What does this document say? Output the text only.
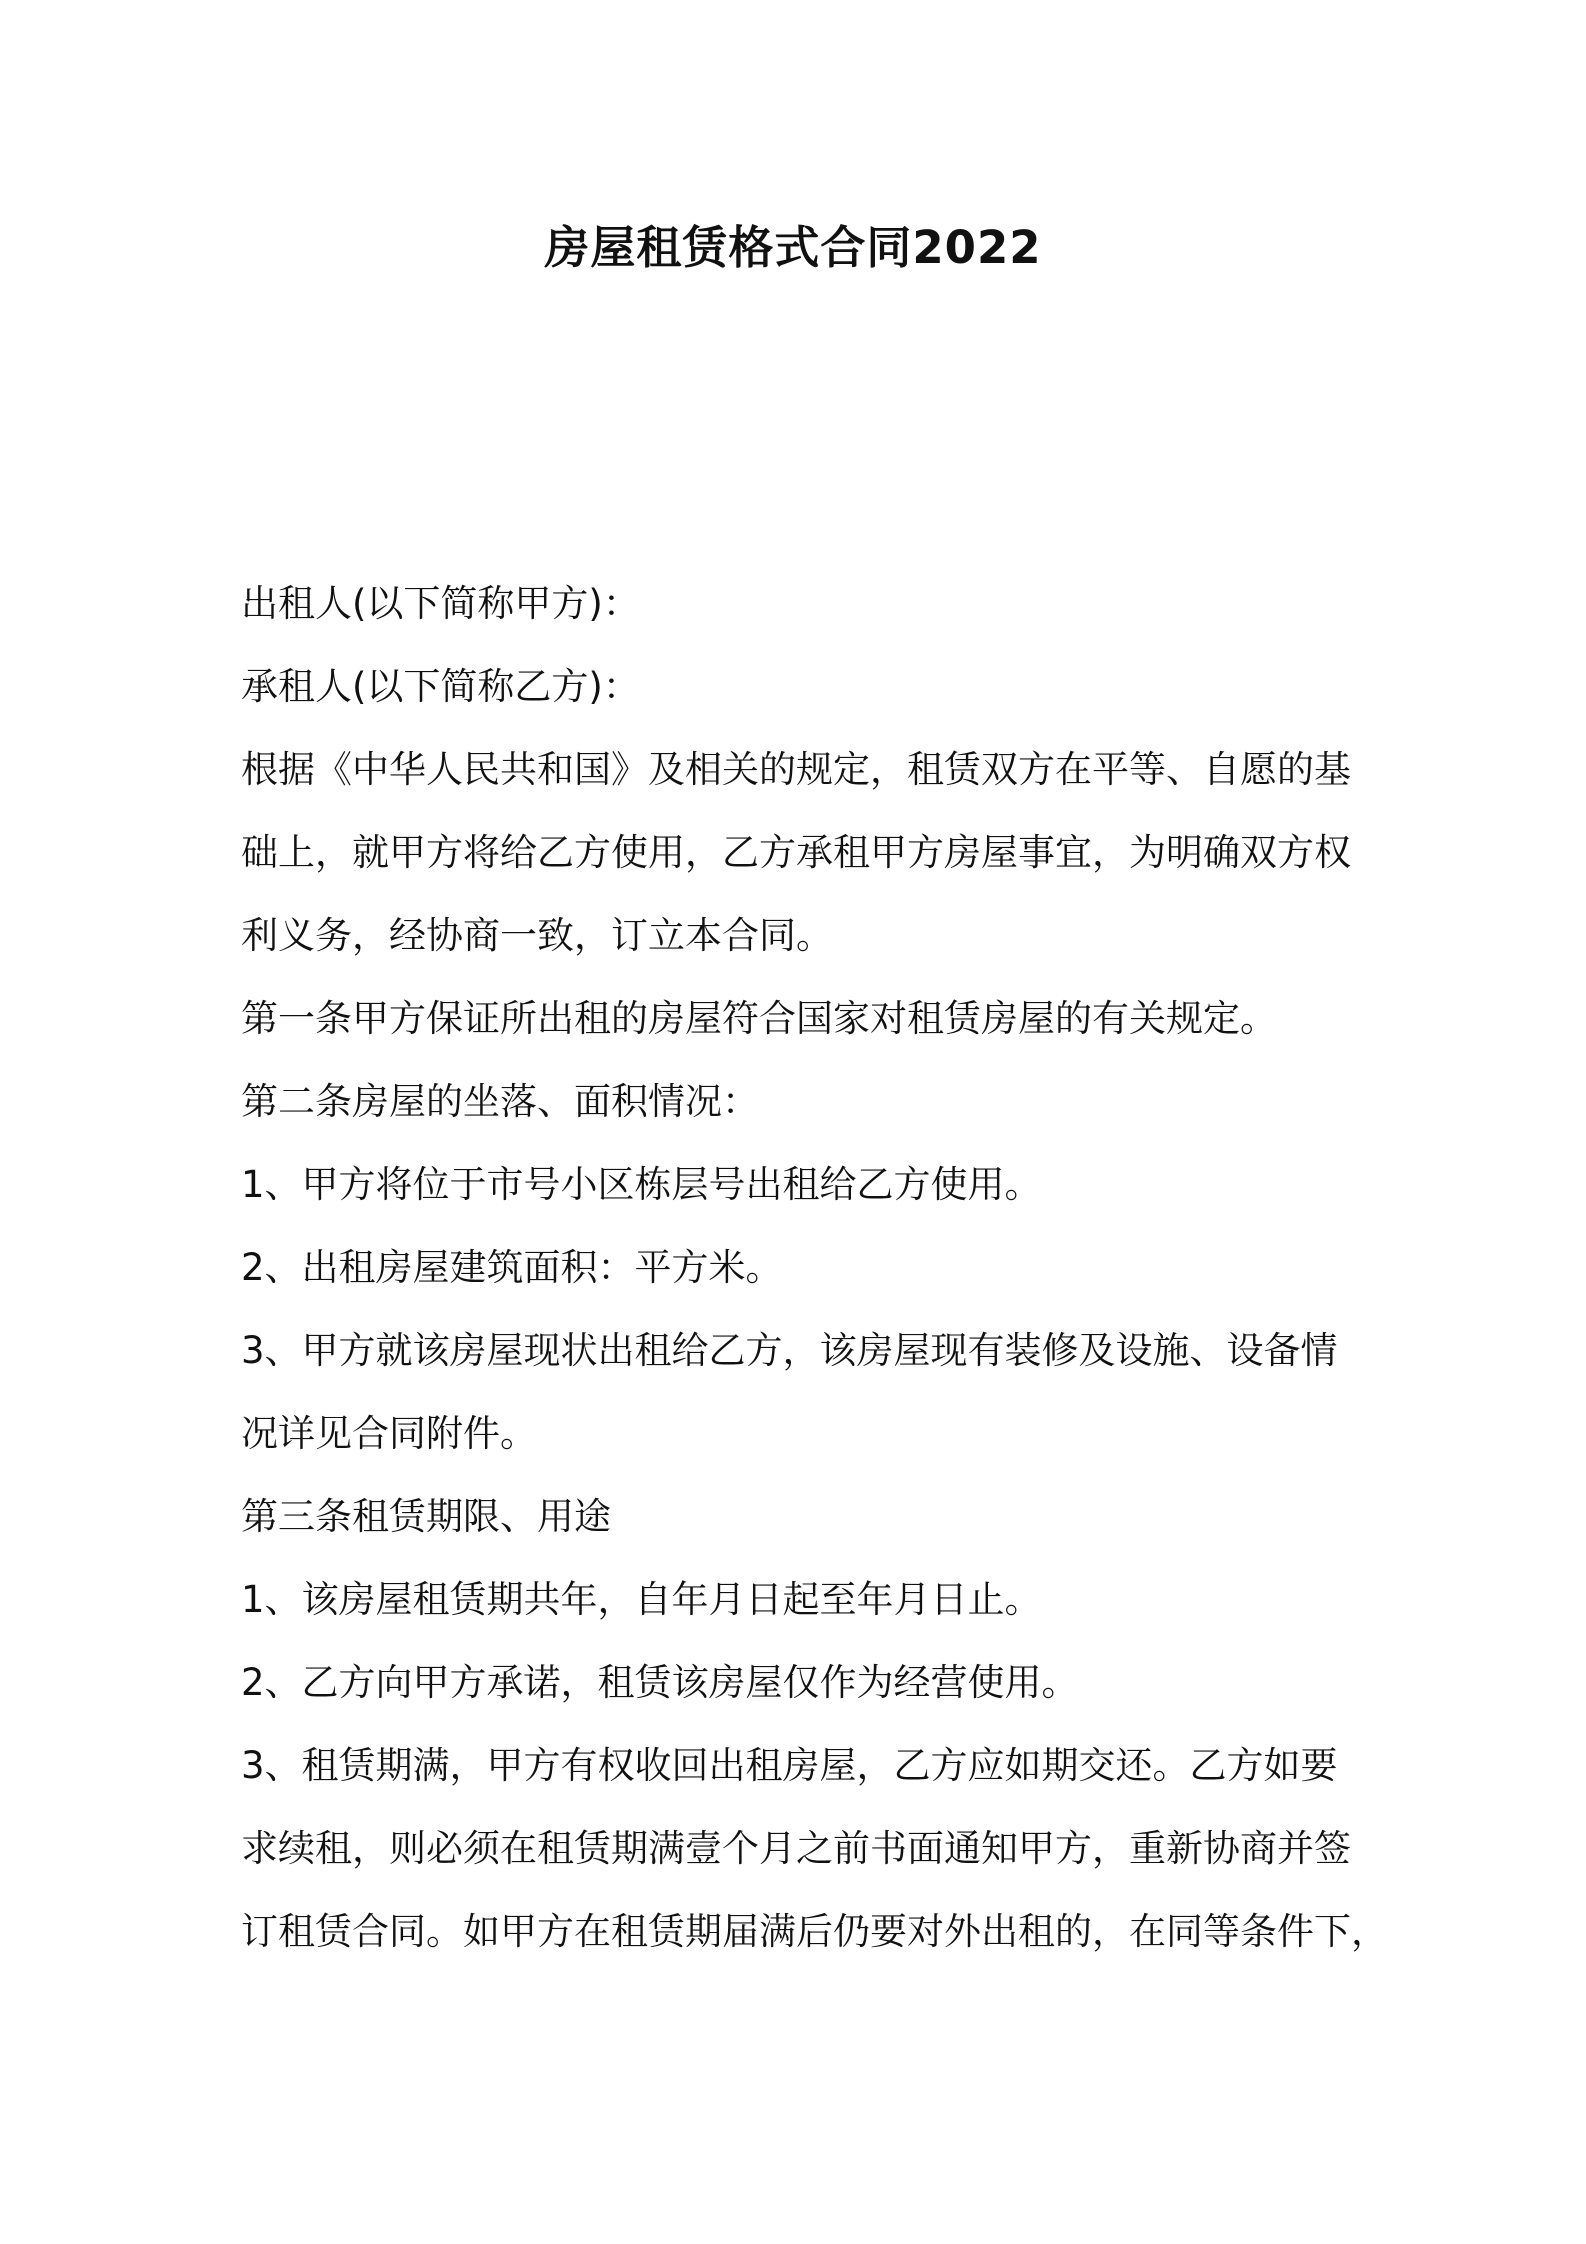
房屋租赁格式合同2022
出租人(以下简称甲方)：
承租人(以下简称乙方)：
根据《中华人民共和国》及相关的规定，租赁双方在平等、自愿的基
础上，就甲方将给乙方使用，乙方承租甲方房屋事宜，为明确双方权
利义务，经协商一致，订立本合同。
第一条甲方保证所出租的房屋符合国家对租赁房屋的有关规定。
第二条房屋的坐落、面积情况：
1、甲方将位于市号小区栋层号出租给乙方使用。
2、出租房屋建筑面积：平方米。
3、甲方就该房屋现状出租给乙方，该房屋现有装修及设施、设备情
况详见合同附件。
第三条租赁期限、用途
1、该房屋租赁期共年，自年月日起至年月日止。
2、乙方向甲方承诺，租赁该房屋仅作为经营使用。
3、租赁期满，甲方有权收回出租房屋，乙方应如期交还。乙方如要
求续租，则必须在租赁期满壹个月之前书面通知甲方，重新协商并签
订租赁合同。如甲方在租赁期届满后仍要对外出租的，在同等条件下，
